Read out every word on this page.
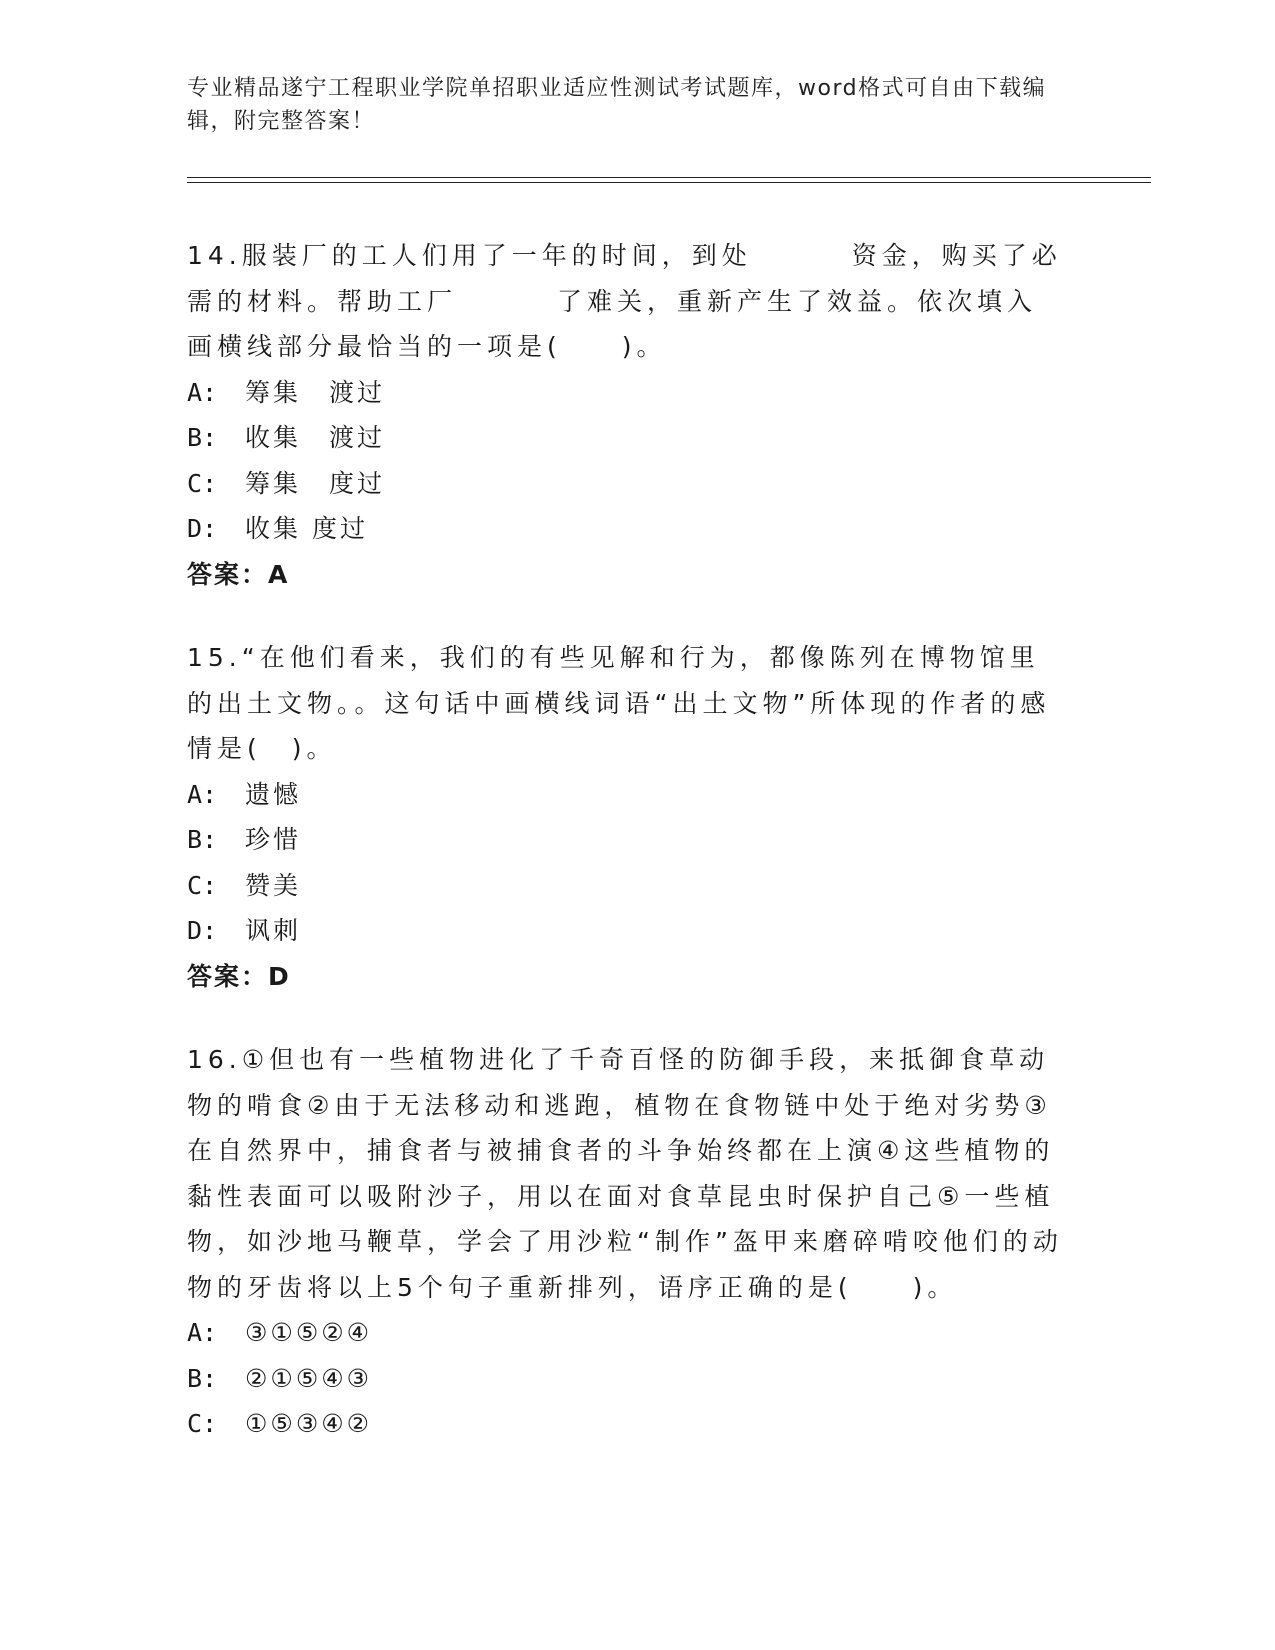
专业精品遂宁工程职业学院单招职业适应性测试考试题库，word格式可自由下载编辑，附完整答案！
14.服装厂的工人们用了一年的时间，到处	资金，购买了必需的材料。帮助工厂	了难关，重新产生了效益。依次填入画横线部分最恰当的一项是(　　)。
A: 筹集　渡过
B: 收集　渡过
C: 筹集　度过
D: 收集 度过
答案：A
15.“在他们看来，我们的有些见解和行为，都像陈列在博物馆里的出土文物。。这句话中画横线词语“出土文物”所体现的作者的感情是(　)。
A: 遗憾
B: 珍惜
C: 赞美
D: 讽刺
答案：D
16.①但也有一些植物进化了千奇百怪的防御手段，来抵御食草动物的啃食②由于无法移动和逃跑，植物在食物链中处于绝对劣势③在自然界中，捕食者与被捕食者的斗争始终都在上演④这些植物的黏性表面可以吸附沙子，用以在面对食草昆虫时保护自己⑤一些植物，如沙地马鞭草，学会了用沙粒“制作”盔甲来磨碎啃咬他们的动物的牙齿将以上5个句子重新排列，语序正确的是(　　)。
A: ③①⑤②④
B: ②①⑤④③
C: ①⑤③④②
